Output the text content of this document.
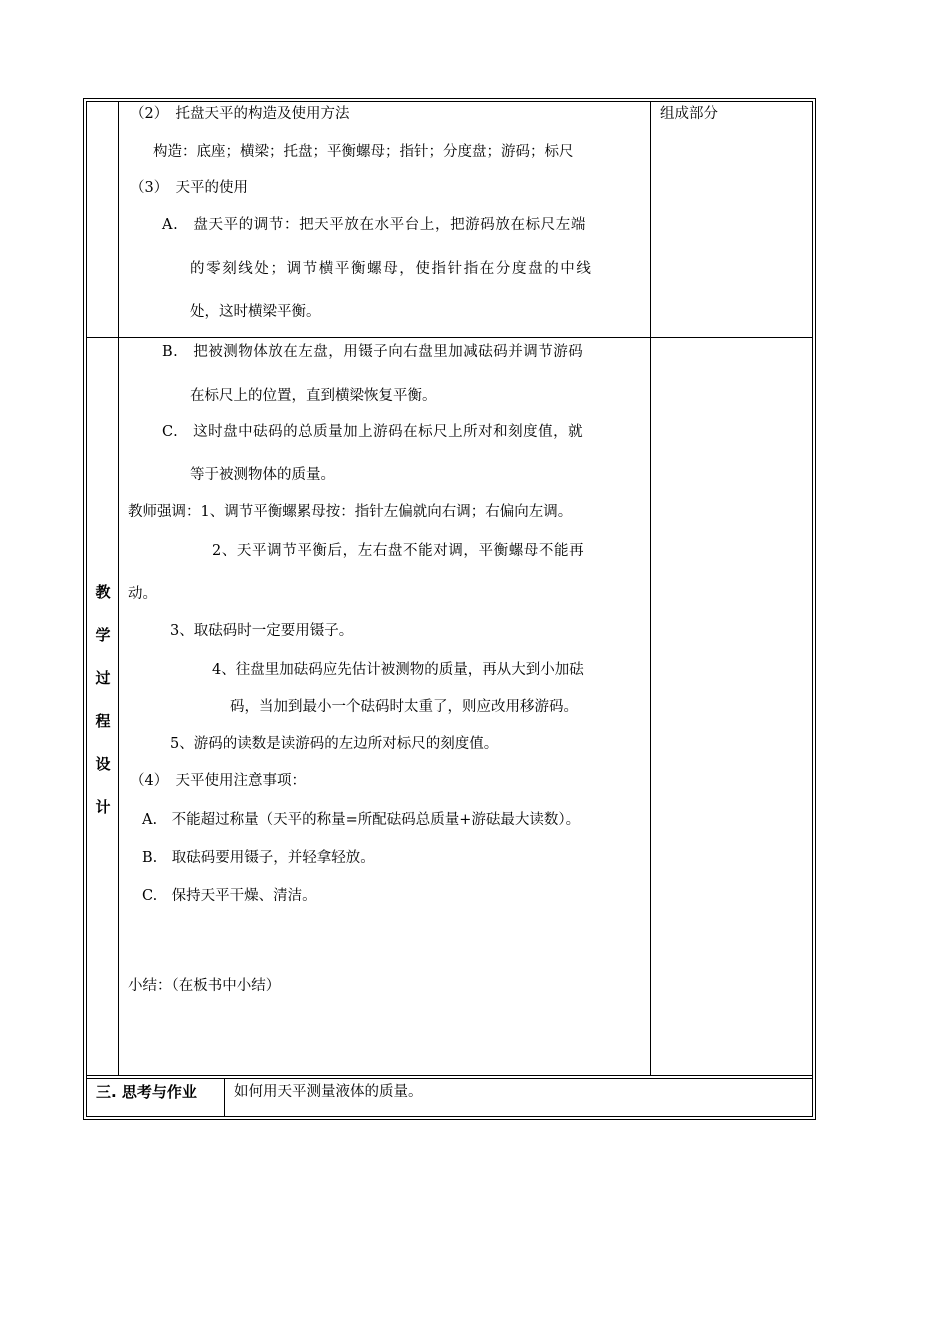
（2）　托盘天平的构造及使用方法
构造：底座；横梁；托盘；平衡螺母；指针；分度盘；游码；标尺
（3）　天平的使用
A.　盘天平的调节：把天平放在水平台上，把游码放在标尺左端
的零刻线处；调节横平衡螺母，使指针指在分度盘的中线
处，这时横梁平衡。
组成部分
教
学
过
程
设
计
B.　把被测物体放在左盘，用镊子向右盘里加减砝码并调节游码
在标尺上的位置，直到横梁恢复平衡。
C.　这时盘中砝码的总质量加上游码在标尺上所对和刻度值，就
等于被测物体的质量。
教师强调：1、调节平衡螺累母按：指针左偏就向右调；右偏向左调。
2、天平调节平衡后，左右盘不能对调，平衡螺母不能再
动。
3、取砝码时一定要用镊子。
4、往盘里加砝码应先估计被测物的质量，再从大到小加砝
码，当加到最小一个砝码时太重了，则应改用移游码。
5、游码的读数是读游码的左边所对标尺的刻度值。
（4）　天平使用注意事项：
A.　不能超过称量（天平的称量=所配砝码总质量+游砝最大读数）。
B.　取砝码要用镊子，并轻拿轻放。
C.　保持天平干燥、清洁。
小结：（在板书中小结）
三. 思考与作业	如何用天平测量液体的质量。
